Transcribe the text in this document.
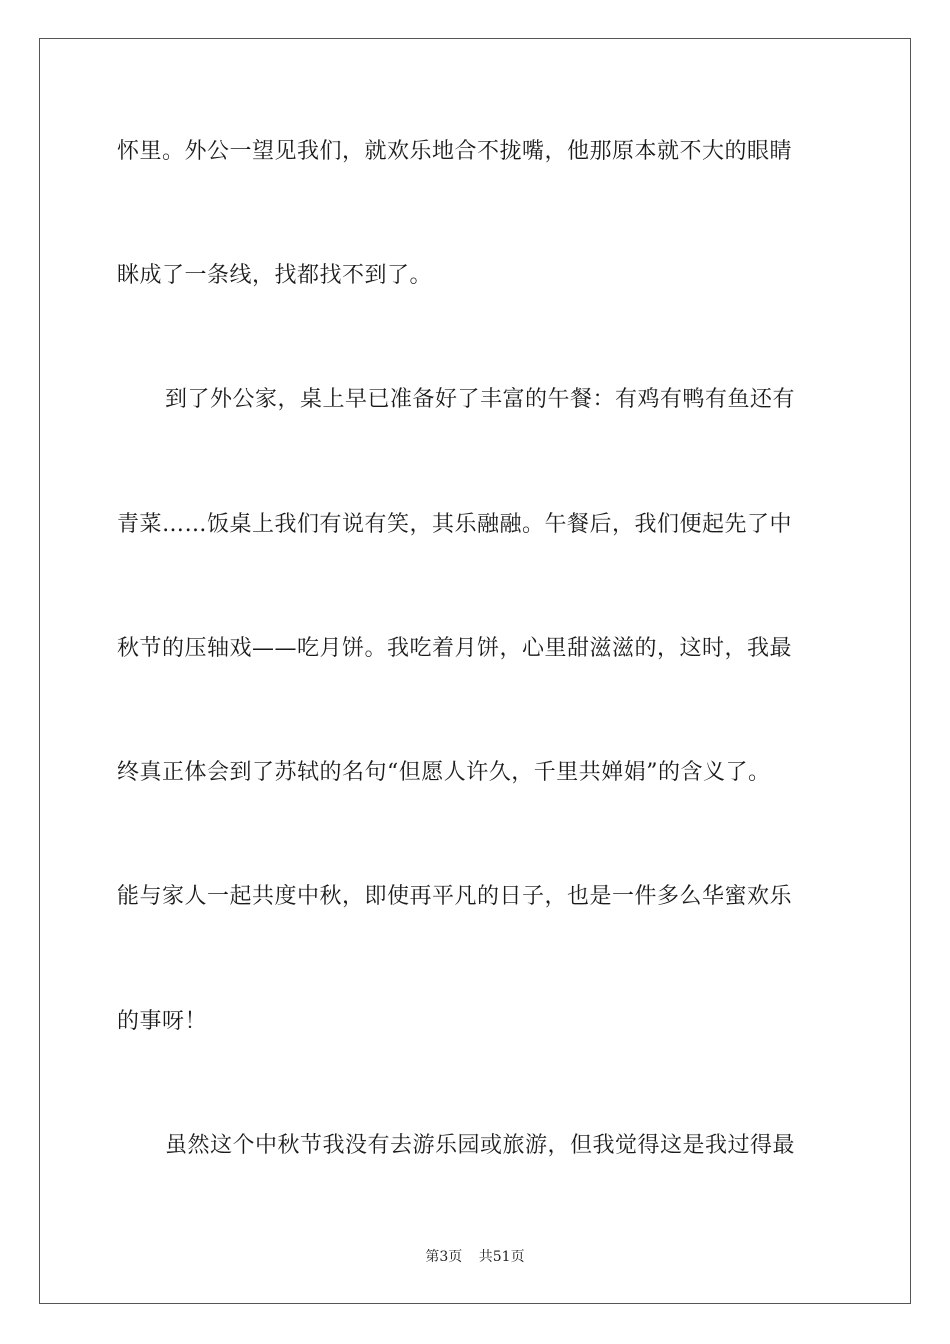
怀里。外公一望见我们，就欢乐地合不拢嘴，他那原本就不大的眼睛
眯成了一条线，找都找不到了。
到了外公家，桌上早已准备好了丰富的午餐：有鸡有鸭有鱼还有
青菜……饭桌上我们有说有笑，其乐融融。午餐后，我们便起先了中
秋节的压轴戏——吃月饼。我吃着月饼，心里甜滋滋的，这时，我最
终真正体会到了苏轼的名句“但愿人许久，千里共婵娟”的含义了。
能与家人一起共度中秋，即使再平凡的日子，也是一件多么华蜜欢乐
的事呀！
虽然这个中秋节我没有去游乐园或旅游，但我觉得这是我过得最
第3页 共51页
